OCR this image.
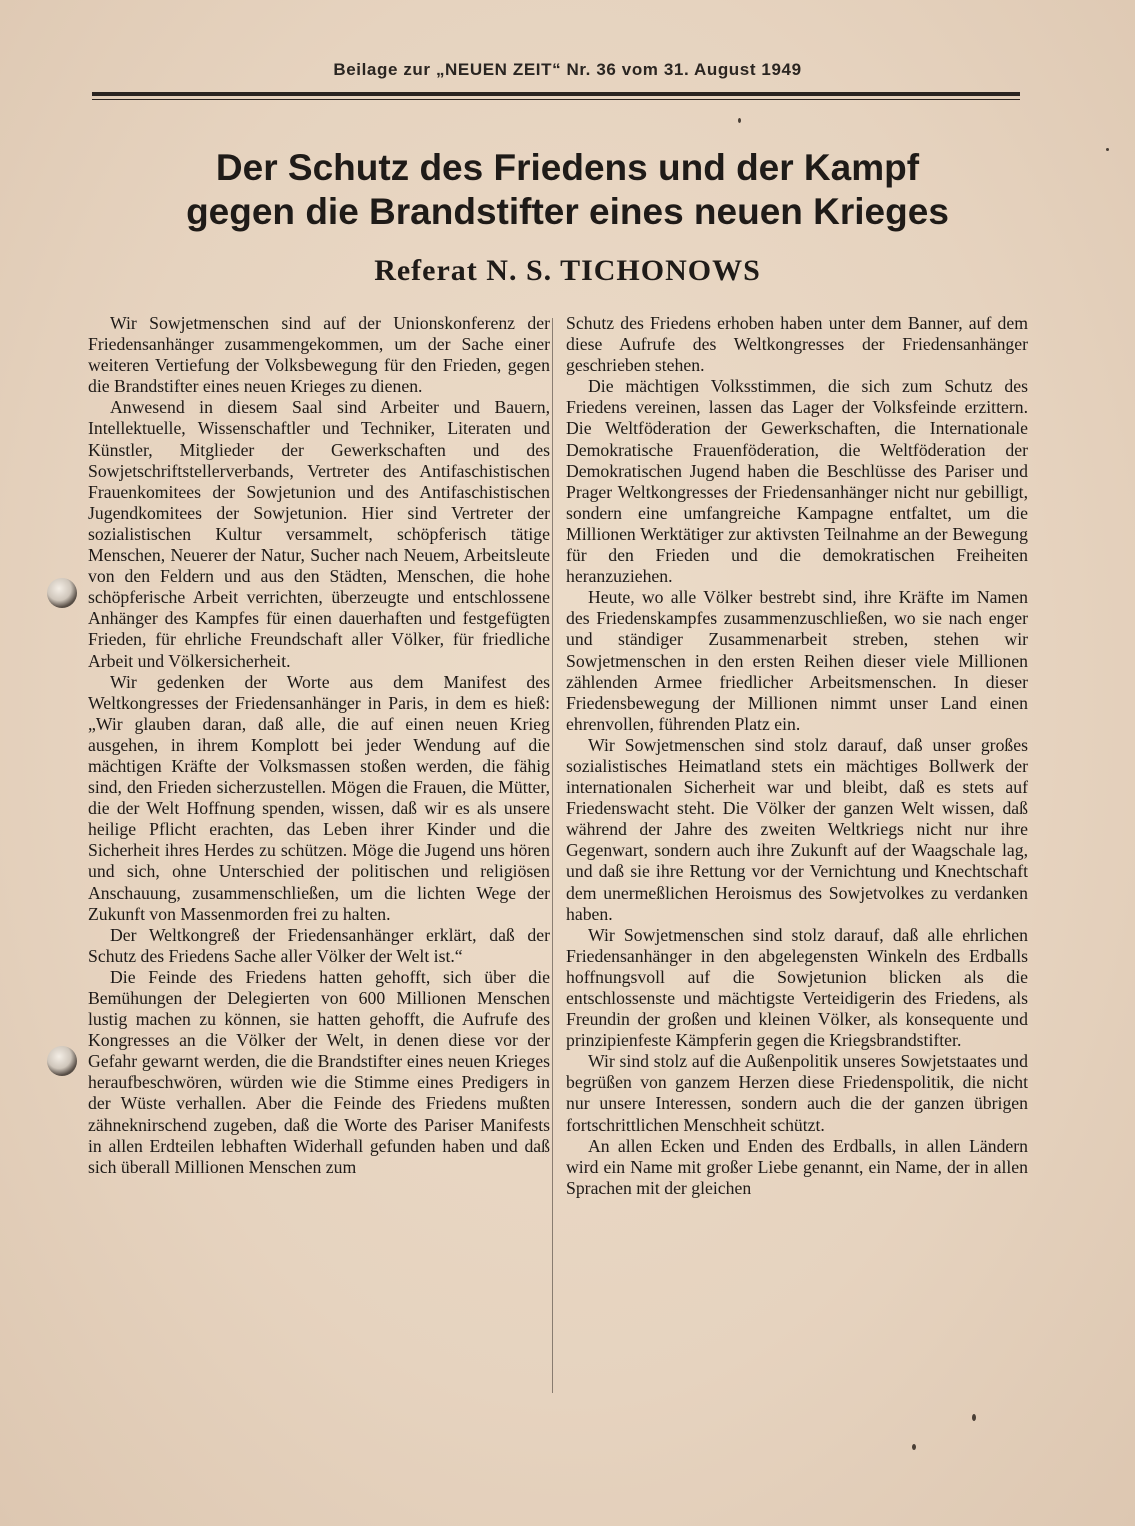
Beilage zur „NEUEN ZEIT“ Nr. 36 vom 31. August 1949
Der Schutz des Friedens und der Kampf
gegen die Brandstifter eines neuen Krieges
Referat N. S. TICHONOWS

Wir Sowjetmenschen sind auf der Unionskonferenz der Friedensanhänger zusammengekommen, um der Sache einer weiteren Vertiefung der Volksbewegung für den Frieden, gegen die Brandstifter eines neuen Krieges zu dienen.

Anwesend in diesem Saal sind Arbeiter und Bauern, Intellektuelle, Wissenschaftler und Techniker, Literaten und Künstler, Mitglieder der Gewerkschaften und des Sowjetschriftstellerverbands, Vertreter des Antifaschistischen Frauenkomitees der Sowjetunion und des Antifaschistischen Jugendkomitees der Sowjetunion. Hier sind Vertreter der sozialistischen Kultur versammelt, schöpferisch tätige Menschen, Neuerer der Natur, Sucher nach Neuem, Arbeitsleute von den Feldern und aus den Städten, Menschen, die hohe schöpferische Arbeit verrichten, überzeugte und entschlossene Anhänger des Kampfes für einen dauerhaften und festgefügten Frieden, für ehrliche Freundschaft aller Völker, für friedliche Arbeit und Völkersicherheit.

Wir gedenken der Worte aus dem Manifest des Weltkongresses der Friedensanhänger in Paris, in dem es hieß: „Wir glauben daran, daß alle, die auf einen neuen Krieg ausgehen, in ihrem Komplott bei jeder Wendung auf die mächtigen Kräfte der Volksmassen stoßen werden, die fähig sind, den Frieden sicherzustellen. Mögen die Frauen, die Mütter, die der Welt Hoffnung spenden, wissen, daß wir es als unsere heilige Pflicht erachten, das Leben ihrer Kinder und die Sicherheit ihres Herdes zu schützen. Möge die Jugend uns hören und sich, ohne Unterschied der politischen und religiösen Anschauung, zusammenschließen, um die lichten Wege der Zukunft von Massenmorden frei zu halten.

Der Weltkongreß der Friedensanhänger erklärt, daß der Schutz des Friedens Sache aller Völker der Welt ist.“

Die Feinde des Friedens hatten gehofft, sich über die Bemühungen der Delegierten von 600 Millionen Menschen lustig machen zu können, sie hatten gehofft, die Aufrufe des Kongresses an die Völker der Welt, in denen diese vor der Gefahr gewarnt werden, die die Brandstifter eines neuen Krieges heraufbeschwören, würden wie die Stimme eines Predigers in der Wüste verhallen. Aber die Feinde des Friedens mußten zähneknirschend zugeben, daß die Worte des Pariser Manifests in allen Erdteilen lebhaften Widerhall gefunden haben und daß sich überall Millionen Menschen zum

Schutz des Friedens erhoben haben unter dem Banner, auf dem diese Aufrufe des Weltkongresses der Friedensanhänger geschrieben stehen.

Die mächtigen Volksstimmen, die sich zum Schutz des Friedens vereinen, lassen das Lager der Volksfeinde erzittern. Die Weltföderation der Gewerkschaften, die Internationale Demokratische Frauenföderation, die Weltföderation der Demokratischen Jugend haben die Beschlüsse des Pariser und Prager Weltkongresses der Friedensanhänger nicht nur gebilligt, sondern eine umfangreiche Kampagne entfaltet, um die Millionen Werktätiger zur aktivsten Teilnahme an der Bewegung für den Frieden und die demokratischen Freiheiten heranzuziehen.

Heute, wo alle Völker bestrebt sind, ihre Kräfte im Namen des Friedenskampfes zusammenzuschließen, wo sie nach enger und ständiger Zusammenarbeit streben, stehen wir Sowjetmenschen in den ersten Reihen dieser viele Millionen zählenden Armee friedlicher Arbeitsmenschen. In dieser Friedensbewegung der Millionen nimmt unser Land einen ehrenvollen, führenden Platz ein.

Wir Sowjetmenschen sind stolz darauf, daß unser großes sozialistisches Heimatland stets ein mächtiges Bollwerk der internationalen Sicherheit war und bleibt, daß es stets auf Friedenswacht steht. Die Völker der ganzen Welt wissen, daß während der Jahre des zweiten Weltkriegs nicht nur ihre Gegenwart, sondern auch ihre Zukunft auf der Waagschale lag, und daß sie ihre Rettung vor der Vernichtung und Knechtschaft dem unermeßlichen Heroismus des Sowjetvolkes zu verdanken haben.

Wir Sowjetmenschen sind stolz darauf, daß alle ehrlichen Friedensanhänger in den abgelegensten Winkeln des Erdballs hoffnungsvoll auf die Sowjetunion blicken als die entschlossenste und mächtigste Verteidigerin des Friedens, als Freundin der großen und kleinen Völker, als konsequente und prinzipienfeste Kämpferin gegen die Kriegsbrandstifter.

Wir sind stolz auf die Außenpolitik unseres Sowjetstaates und begrüßen von ganzem Herzen diese Friedenspolitik, die nicht nur unsere Interessen, sondern auch die der ganzen übrigen fortschrittlichen Menschheit schützt.

An allen Ecken und Enden des Erdballs, in allen Ländern wird ein Name mit großer Liebe genannt, ein Name, der in allen Sprachen mit der gleichen
